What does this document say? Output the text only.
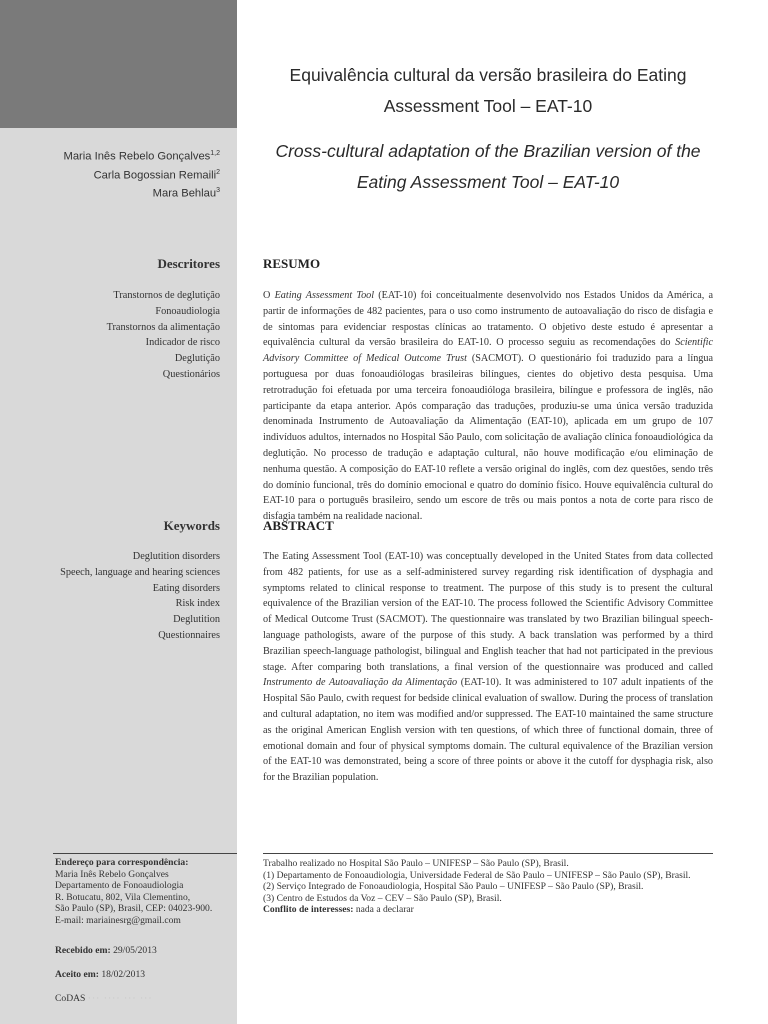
Equivalência cultural da versão brasileira do Eating
Assessment Tool – EAT-10
Cross-cultural adaptation of the Brazilian version of the
Eating Assessment Tool – EAT-10
Maria Inês Rebelo Gonçalves$^{1,2}$
Carla Bogossian Remaili$^2$
Mara Behlau$^3$
Descritores
Transtornos de deglutição
Fonoaudiologia
Transtornos da alimentação
Indicador de risco
Deglutição
Questionários
Keywords
Deglutition disorders
Speech, language and hearing sciences
Eating disorders
Risk index
Deglutition
Questionnaires
RESUMO

O Eating Assessment Tool (EAT-10) foi conceitualmente desenvolvido nos Estados Unidos da América, a partir de informações de 482 pacientes, para o uso como instrumento de autoavaliação do risco de disfagia e de sintomas para evidenciar respostas clínicas ao tratamento. O objetivo deste estudo é apresentar a equivalência cultural da versão brasileira do EAT-10. O processo seguiu as recomendações do Scientific Advisory Committee of Medical Outcome Trust (SACMOT). O questionário foi traduzido para a língua portuguesa por duas fonoaudiólogas brasileiras bilíngues, cientes do objetivo desta pesquisa. Uma retrotradução foi efetuada por uma terceira fonoaudióloga brasileira, bilíngue e professora de inglês, não participante da etapa anterior. Após comparação das traduções, produziu-se uma única versão traduzida denominada Instrumento de Autoavaliação da Alimentação (EAT-10), aplicada em um grupo de 107 indivíduos adultos, internados no Hospital São Paulo, com solicitação de avaliação clínica fonoaudiológica da deglutição. No processo de tradução e adaptação cultural, não houve modificação e/ou eliminação de nenhuma questão. A composição do EAT-10 reflete a versão original do inglês, com dez questões, sendo três do domínio funcional, três do domínio emocional e quatro do domínio físico. Houve equivalência cultural do EAT-10 para o português brasileiro, sendo um escore de três ou mais pontos a nota de corte para risco de disfagia também na realidade nacional.

ABSTRACT

The Eating Assessment Tool (EAT-10) was conceptually developed in the United States from data collected from 482 patients, for use as a self-administered survey regarding risk identification of dysphagia and symptoms related to clinical response to treatment. The purpose of this study is to present the cultural equivalence of the Brazilian version of the EAT-10. The process followed the Scientific Advisory Committee of Medical Outcome Trust (SACMOT). The questionnaire was translated by two Brazilian bilingual speech-language pathologists, aware of the purpose of this study. A back translation was performed by a third Brazilian speech-language pathologist, bilingual and English teacher that had not participated in the previous stage. After comparing both translations, a final version of the questionnaire was produced and called Instrumento de Autoavaliação da Alimentação (EAT-10). It was administered to 107 adult inpatients of the Hospital São Paulo, cwith request for bedside clinical evaluation of swallow. During the process of translation and cultural adaptation, no item was modified and/or suppressed. The EAT-10 maintained the same structure as the original American English version with ten questions, of which three of functional domain, three of emotional domain and four of physical symptoms domain. The cultural equivalence of the Brazilian version of the EAT-10 was demonstrated, being a score of three points or above it the cutoff for dysphagia risk, also for the Brazilian population.

Endereço para correspondência:
Maria Inês Rebelo Gonçalves
Departamento de Fonoaudiologia
R. Botucatu, 802, Vila Clementino,
São Paulo (SP), Brasil, CEP: 04023-900.
E-mail: mariainesrg@gmail.com
Recebido em: 29/05/2013
Aceito em: 18/02/2013
CoDAS ··· ···· ··· ···
Trabalho realizado no Hospital São Paulo – UNIFESP – São Paulo (SP), Brasil.
(1) Departamento de Fonoaudiologia, Universidade Federal de São Paulo – UNIFESP – São Paulo (SP), Brasil.
(2) Serviço Integrado de Fonoaudiologia, Hospital São Paulo – UNIFESP – São Paulo (SP), Brasil.
(3) Centro de Estudos da Voz – CEV – São Paulo (SP), Brasil.
Conflito de interesses: nada a declarar
